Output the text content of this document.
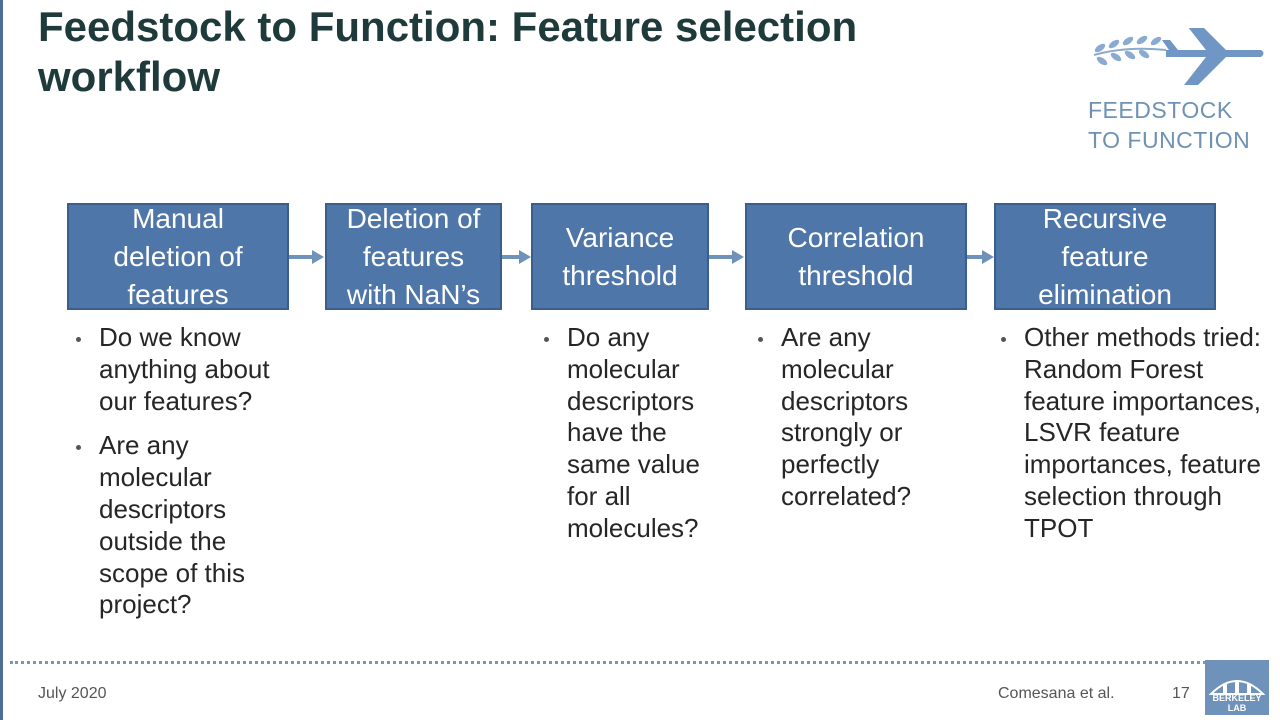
Feedstock to Function: Feature selection
workflow
FEEDSTOCK
TO FUNCTION
Manual
deletion of
features
Deletion of
features
with NaN’s
Variance
threshold
Correlation
threshold
Recursive
feature
elimination
Do we know anything about our features?
Are any molecular descriptors outside the scope of this project?
Do any molecular descriptors have the same value for all molecules?
Are any molecular descriptors strongly or perfectly correlated?
Other methods tried: Random Forest feature importances, LSVR feature importances, feature selection through TPOT
July 2020	Comesana et al.	17	BERKELEY LAB
